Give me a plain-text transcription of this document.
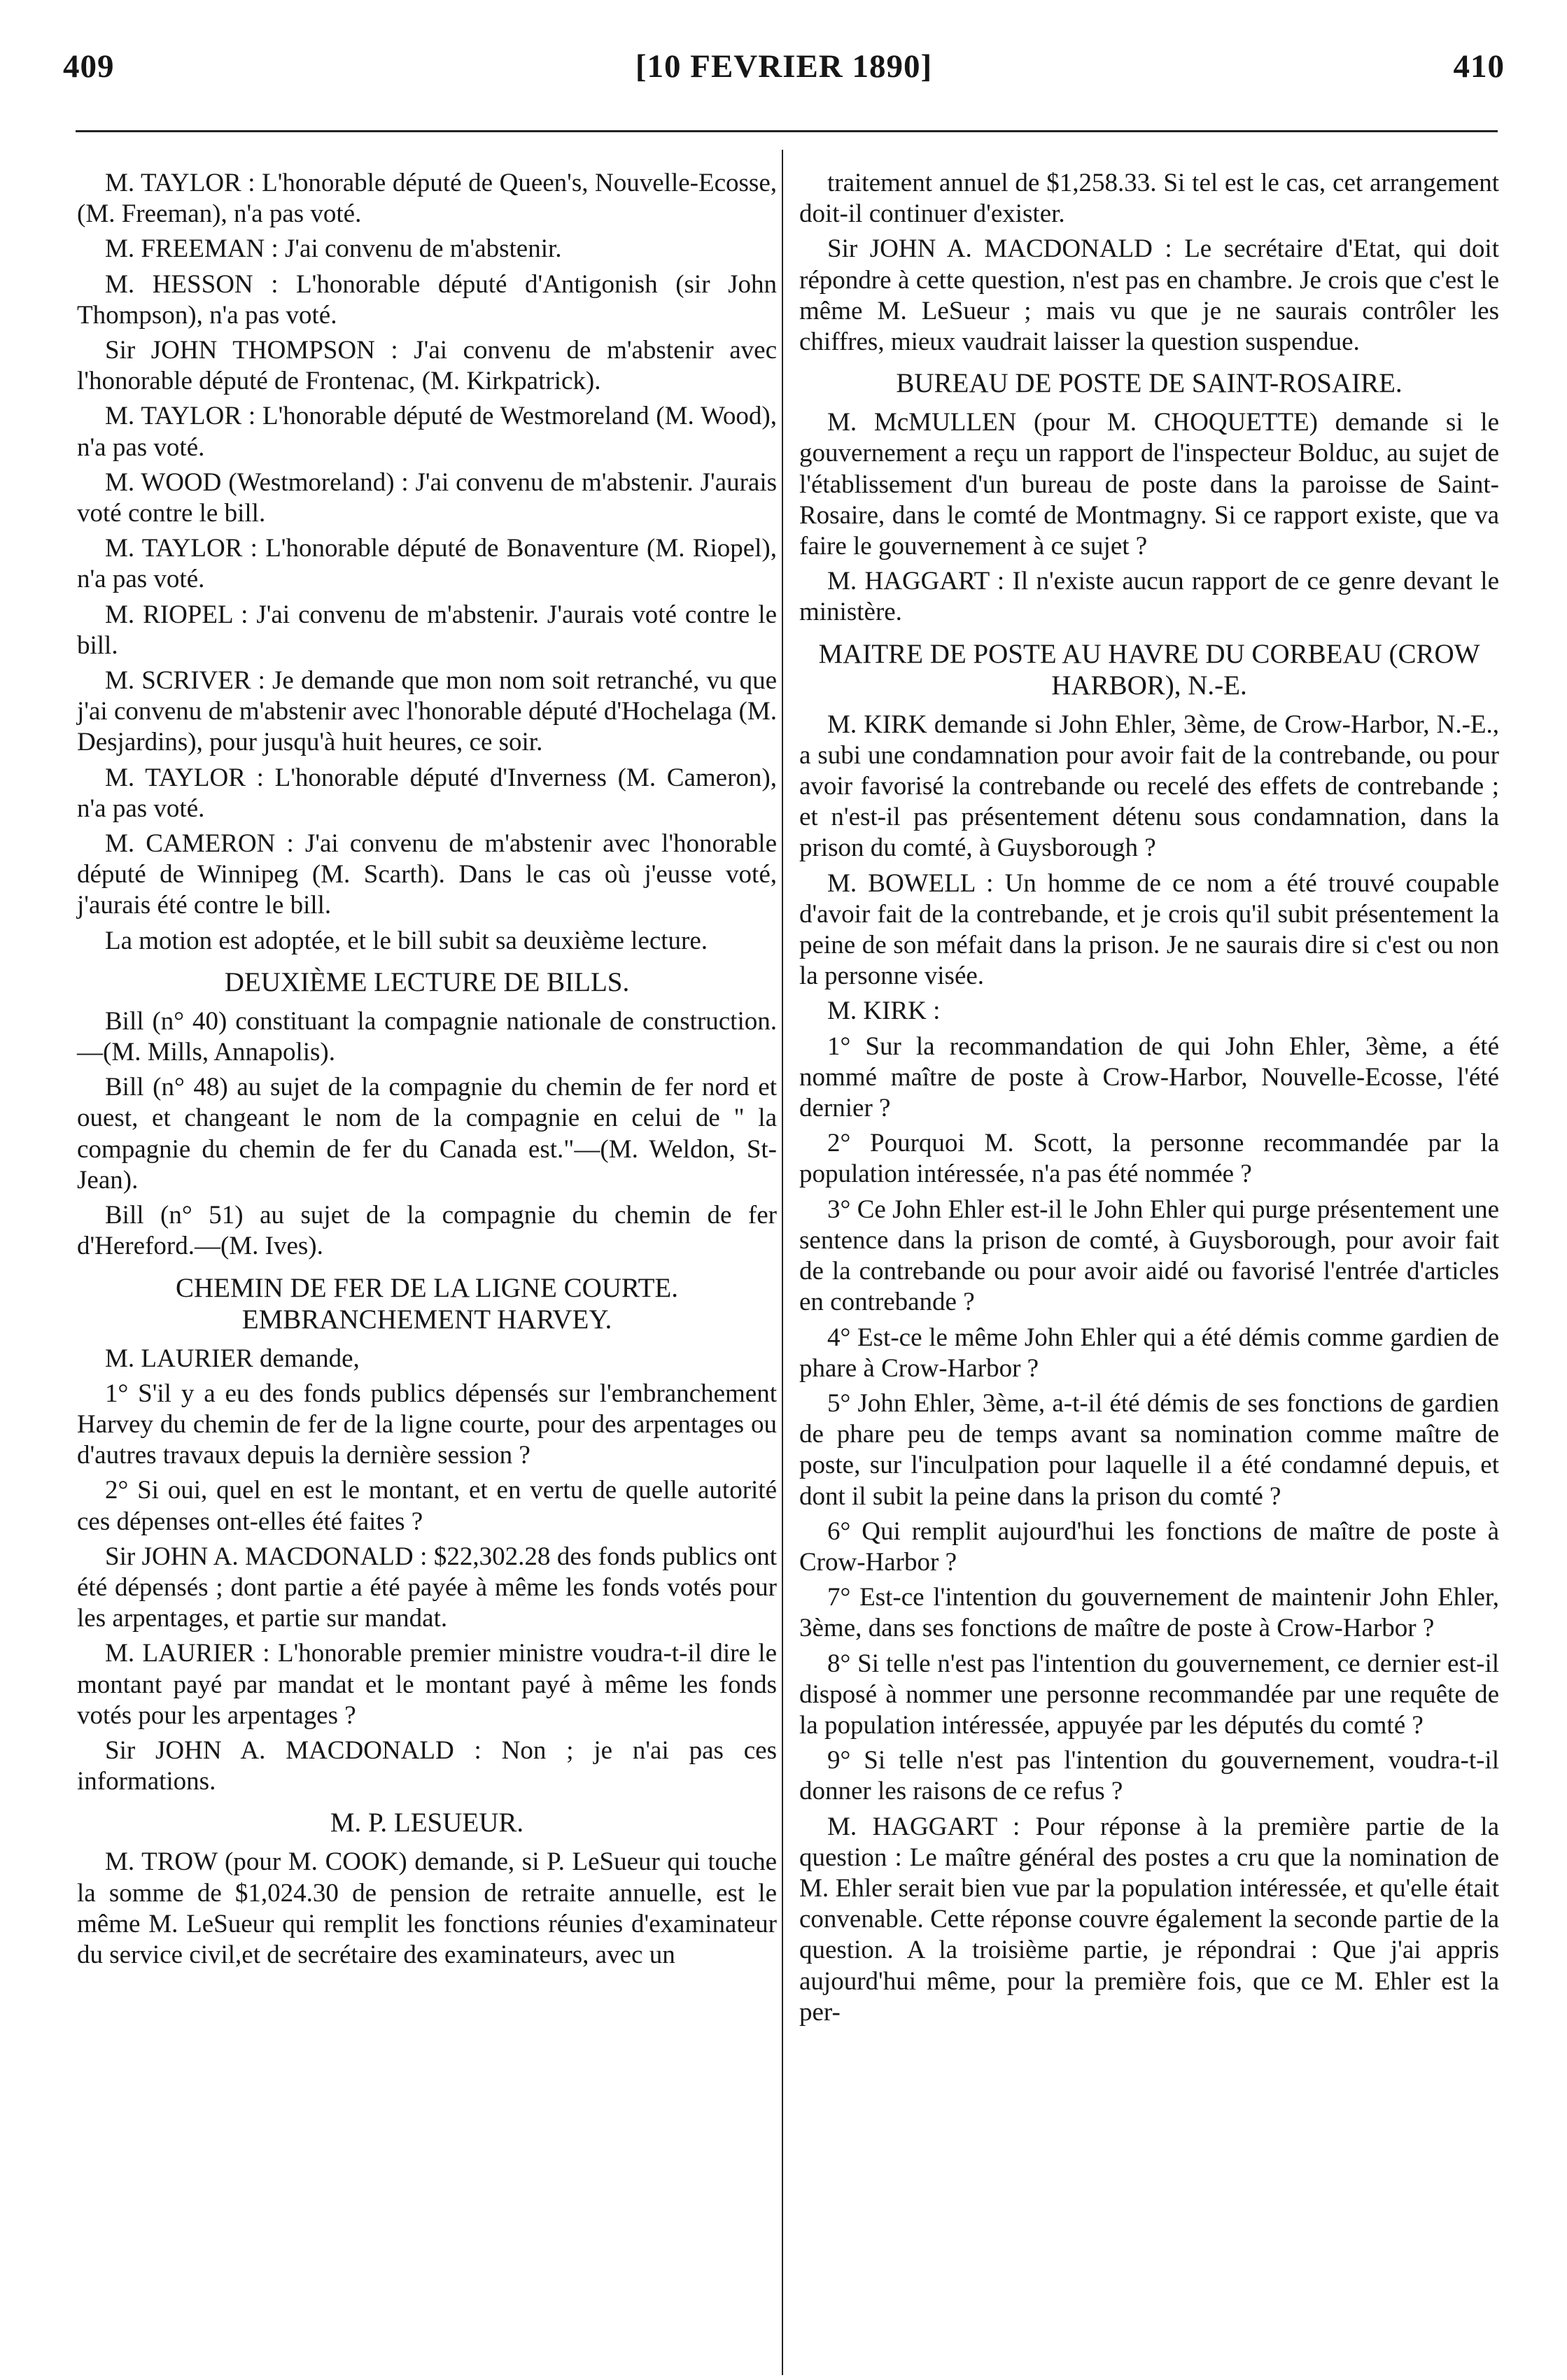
[10 FEVRIER 1890]
409	410

M. TAYLOR : L'honorable député de Queen's, Nouvelle-Ecosse, (M. Freeman), n'a pas voté.

M. FREEMAN : J'ai convenu de m'abstenir.

M. HESSON : L'honorable député d'Antigonish (sir John Thompson), n'a pas voté.

Sir JOHN THOMPSON : J'ai convenu de m'abstenir avec l'honorable député de Frontenac, (M. Kirkpatrick).

M. TAYLOR : L'honorable député de Westmoreland (M. Wood), n'a pas voté.

M. WOOD (Westmoreland) : J'ai convenu de m'abstenir. J'aurais voté contre le bill.

M. TAYLOR : L'honorable député de Bonaventure (M. Riopel), n'a pas voté.

M. RIOPEL : J'ai convenu de m'abstenir. J'aurais voté contre le bill.

M. SCRIVER : Je demande que mon nom soit retranché, vu que j'ai convenu de m'abstenir avec l'honorable député d'Hochelaga (M. Desjardins), pour jusqu'à huit heures, ce soir.

M. TAYLOR : L'honorable député d'Inverness (M. Cameron), n'a pas voté.

M. CAMERON : J'ai convenu de m'abstenir avec l'honorable député de Winnipeg (M. Scarth). Dans le cas où j'eusse voté, j'aurais été contre le bill.

La motion est adoptée, et le bill subit sa deuxième lecture.

DEUXIÈME LECTURE DE BILLS.

Bill (n° 40) constituant la compagnie nationale de construction.—(M. Mills, Annapolis).

Bill (n° 48) au sujet de la compagnie du chemin de fer nord et ouest, et changeant le nom de la compagnie en celui de " la compagnie du chemin de fer du Canada est."—(M. Weldon, St-Jean).

Bill (n° 51) au sujet de la compagnie du chemin de fer d'Hereford.—(M. Ives).

CHEMIN DE FER DE LA LIGNE COURTE. EMBRANCHEMENT HARVEY.

M. LAURIER demande,

1° S'il y a eu des fonds publics dépensés sur l'embranchement Harvey du chemin de fer de la ligne courte, pour des arpentages ou d'autres travaux depuis la dernière session ?

2° Si oui, quel en est le montant, et en vertu de quelle autorité ces dépenses ont-elles été faites ?

Sir JOHN A. MACDONALD : $22,302.28 des fonds publics ont été dépensés ; dont partie a été payée à même les fonds votés pour les arpentages, et partie sur mandat.

M. LAURIER : L'honorable premier ministre voudra-t-il dire le montant payé par mandat et le montant payé à même les fonds votés pour les arpentages ?

Sir JOHN A. MACDONALD : Non ; je n'ai pas ces informations.

M. P. LESUEUR.

M. TROW (pour M. COOK) demande, si P. LeSueur qui touche la somme de $1,024.30 de pension de retraite annuelle, est le même M. LeSueur qui remplit les fonctions réunies d'examinateur du service civil,et de secrétaire des examinateurs, avec un

traitement annuel de $1,258.33. Si tel est le cas, cet arrangement doit-il continuer d'exister.

Sir JOHN A. MACDONALD : Le secrétaire d'Etat, qui doit répondre à cette question, n'est pas en chambre. Je crois que c'est le même M. LeSueur ; mais vu que je ne saurais contrôler les chiffres, mieux vaudrait laisser la question suspendue.

BUREAU DE POSTE DE SAINT-ROSAIRE.

M. McMULLEN (pour M. CHOQUETTE) demande si le gouvernement a reçu un rapport de l'inspecteur Bolduc, au sujet de l'établissement d'un bureau de poste dans la paroisse de Saint-Rosaire, dans le comté de Montmagny. Si ce rapport existe, que va faire le gouvernement à ce sujet ?

M. HAGGART : Il n'existe aucun rapport de ce genre devant le ministère.

MAITRE DE POSTE AU HAVRE DU CORBEAU (CROW HARBOR), N.-E.

M. KIRK demande si John Ehler, 3ème, de Crow-Harbor, N.-E., a subi une condamnation pour avoir fait de la contrebande, ou pour avoir favorisé la contrebande ou recelé des effets de contrebande ; et n'est-il pas présentement détenu sous condamnation, dans la prison du comté, à Guysborough ?

M. BOWELL : Un homme de ce nom a été trouvé coupable d'avoir fait de la contrebande, et je crois qu'il subit présentement la peine de son méfait dans la prison. Je ne saurais dire si c'est ou non la personne visée.

M. KIRK :

1° Sur la recommandation de qui John Ehler, 3ème, a été nommé maître de poste à Crow-Harbor, Nouvelle-Ecosse, l'été dernier ?

2° Pourquoi M. Scott, la personne recommandée par la population intéressée, n'a pas été nommée ?

3° Ce John Ehler est-il le John Ehler qui purge présentement une sentence dans la prison de comté, à Guysborough, pour avoir fait de la contrebande ou pour avoir aidé ou favorisé l'entrée d'articles en contrebande ?

4° Est-ce le même John Ehler qui a été démis comme gardien de phare à Crow-Harbor ?

5° John Ehler, 3ème, a-t-il été démis de ses fonctions de gardien de phare peu de temps avant sa nomination comme maître de poste, sur l'inculpation pour laquelle il a été condamné depuis, et dont il subit la peine dans la prison du comté ?

6° Qui remplit aujourd'hui les fonctions de maître de poste à Crow-Harbor ?

7° Est-ce l'intention du gouvernement de maintenir John Ehler, 3ème, dans ses fonctions de maître de poste à Crow-Harbor ?

8° Si telle n'est pas l'intention du gouvernement, ce dernier est-il disposé à nommer une personne recommandée par une requête de la population intéressée, appuyée par les députés du comté ?

9° Si telle n'est pas l'intention du gouvernement, voudra-t-il donner les raisons de ce refus ?

M. HAGGART : Pour réponse à la première partie de la question : Le maître général des postes a cru que la nomination de M. Ehler serait bien vue par la population intéressée, et qu'elle était convenable. Cette réponse couvre également la seconde partie de la question. A la troisième partie, je répondrai : Que j'ai appris aujourd'hui même, pour la première fois, que ce M. Ehler est la per-
